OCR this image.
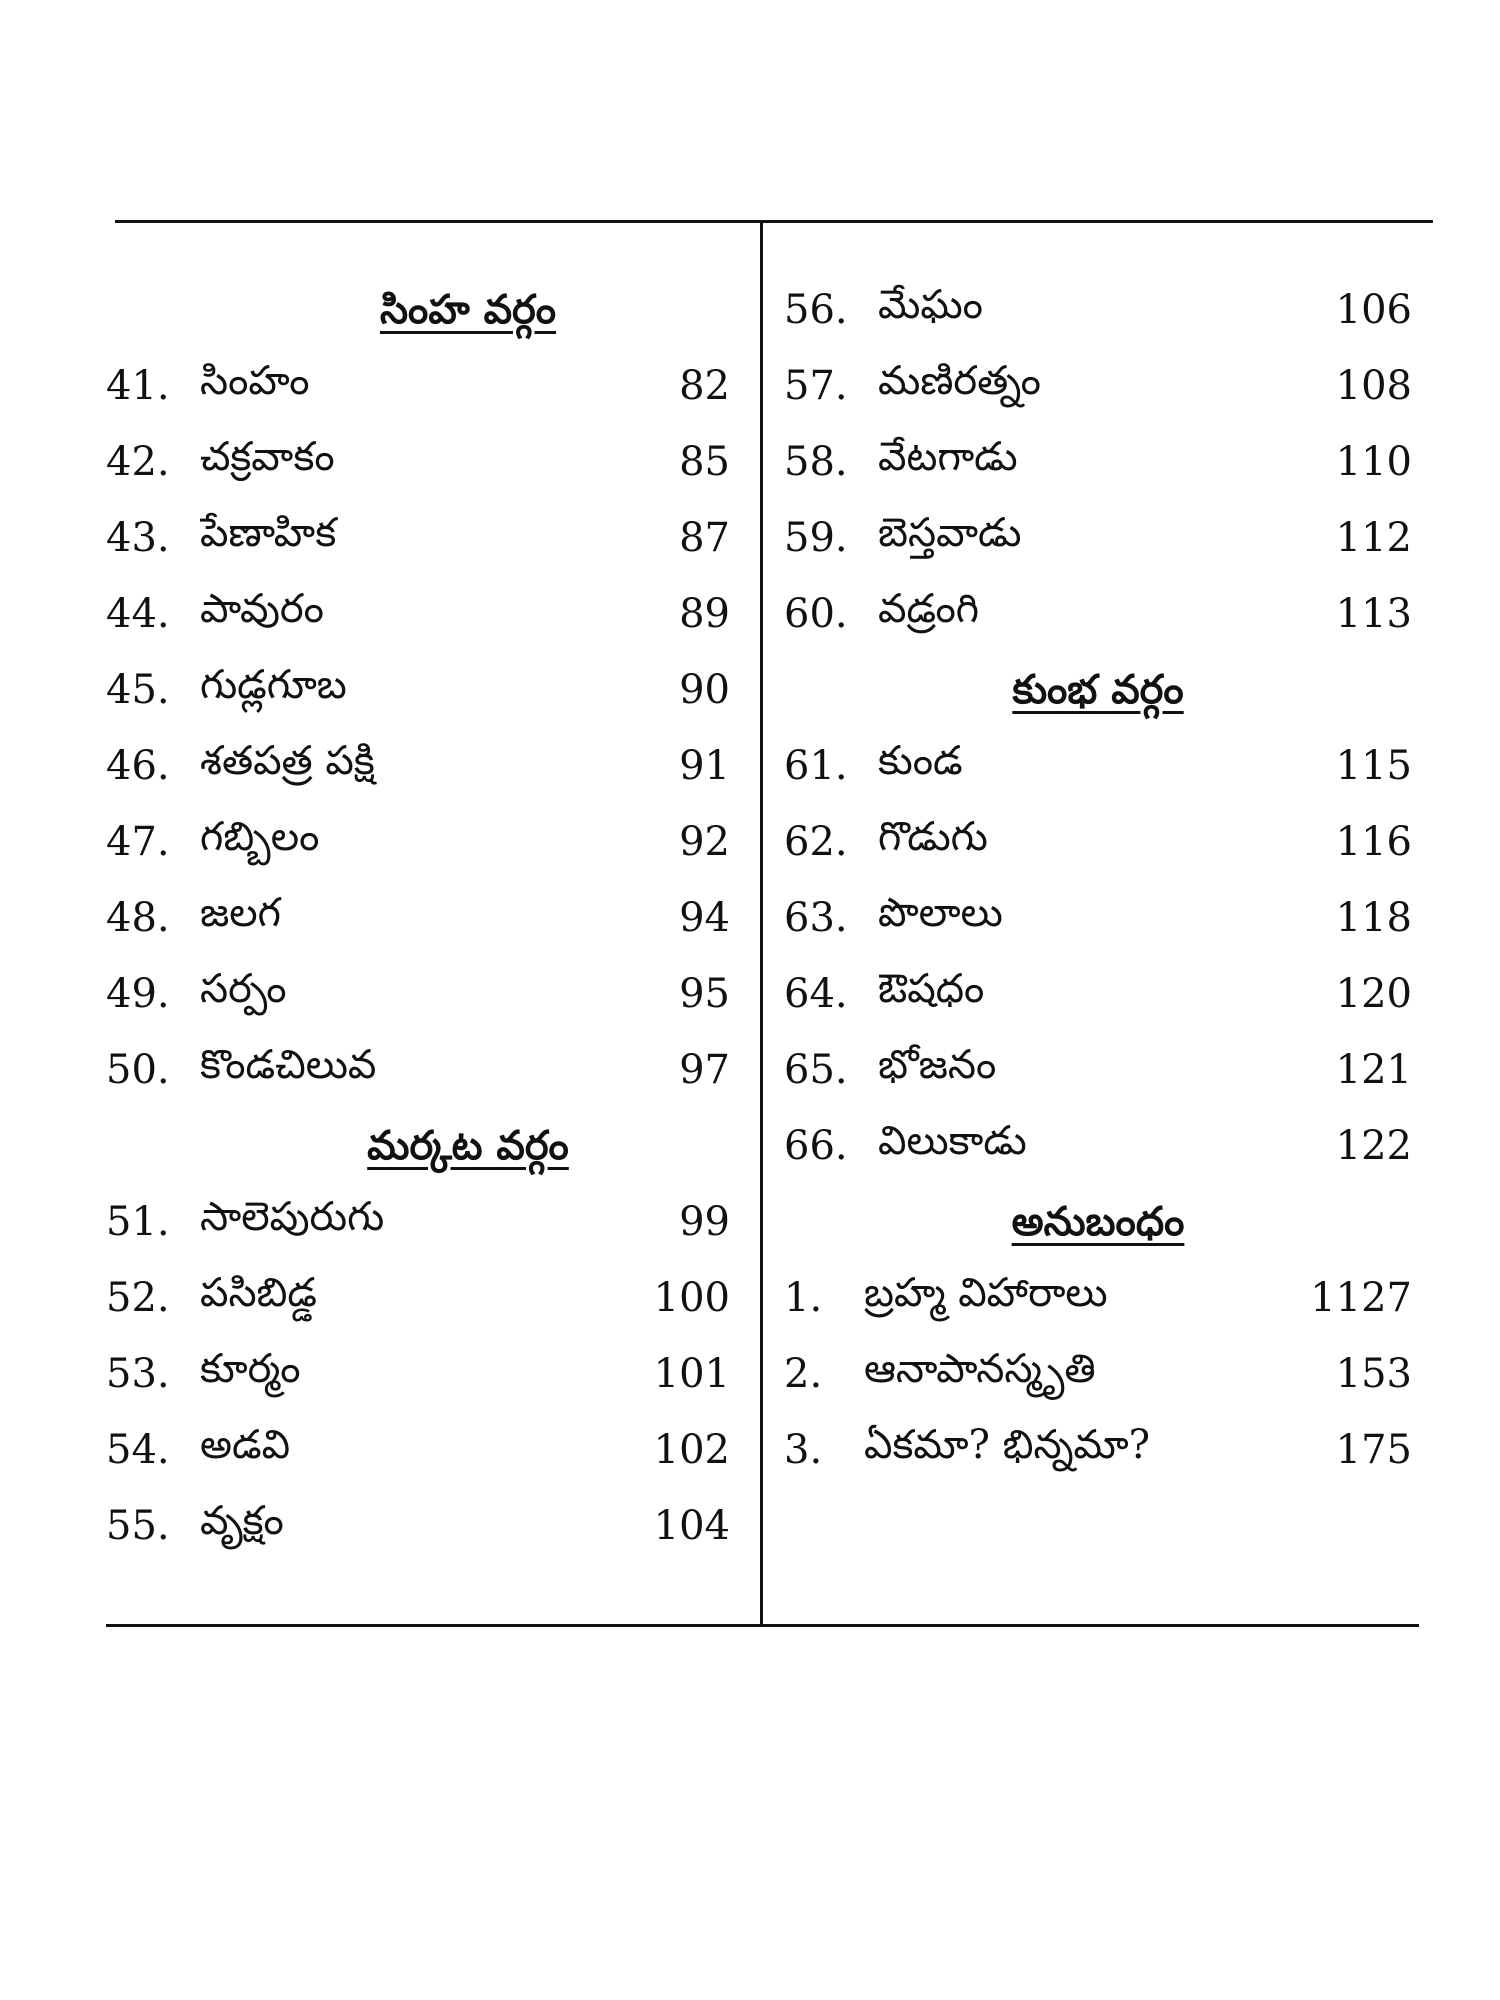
సింహ వర్గం
41. సింహం	82
42. చక్రవాకం	85
43. పేణాహిక	87
44. పావురం	89
45. గుడ్లగూబ	90
46. శతపత్ర పక్షి	91
47. గబ్బిలం	92
48. జలగ	94
49. సర్పం	95
50. కొండచిలువ	97
మర్కట వర్గం
51. సాలెపురుగు	99
52. పసిబిడ్డ	100
53. కూర్మం	101
54. అడవి	102
55. వృక్షం	104
56. మేఘం	106
57. మణిరత్నం	108
58. వేటగాడు	110
59. బెస్తవాడు	112
60. వడ్రంగి	113
కుంభ వర్గం
61. కుండ	115
62. గొడుగు	116
63. పొలాలు	118
64. ఔషధం	120
65. భోజనం	121
66. విలుకాడు	122
అనుబంధం
1.	బ్రహ్మ విహారాలు	1127
2.	ఆనాపానస్మృతి	153
3.	ఏకమా? భిన్నమా?	175
